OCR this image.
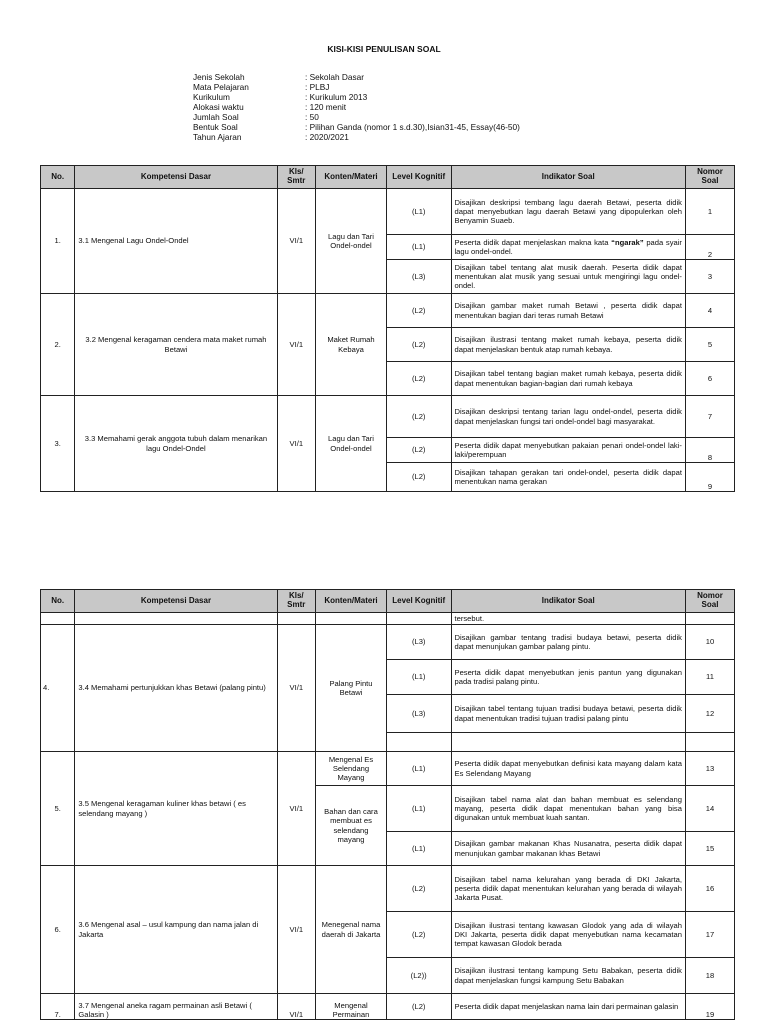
KISI-KISI PENULISAN SOAL
Jenis Sekolah	: Sekolah Dasar
Mata Pelajaran	: PLBJ
Kurikulum	: Kurikulum 2013
Alokasi waktu	: 120 menit
Jumlah Soal	: 50
Bentuk Soal	: Pilihan Ganda (nomor 1 s.d.30),Isian31-45, Essay(46-50)
Tahun Ajaran	: 2020/2021
No.	Kompetensi Dasar	Kls/ Smtr	Konten/Materi	Level Kognitif	Indikator Soal	Nomor Soal
1.	3.1 Mengenal Lagu Ondel-Ondel	VI/1	Lagu dan Tari Ondel-ondel	(L1)	Disajikan deskripsi tembang lagu daerah Betawi, peserta didik dapat menyebutkan lagu daerah Betawi yang dipopulerkan oleh Benyamin Suaeb.	1
				(L1)	Peserta didik dapat menjelaskan makna kata “ngarak” pada syair lagu ondel-ondel.	2
				(L3)	Disajikan tabel tentang alat musik daerah. Peserta didik dapat menentukan alat musik yang sesuai untuk mengiringi lagu ondel-ondel.	3
2.	3.2 Mengenal keragaman cendera mata maket rumah Betawi	VI/1	Maket Rumah Kebaya	(L2)	Disajikan gambar maket rumah Betawi , peserta didik dapat menentukan bagian dari teras rumah Betawi	4
				(L2)	Disajikan ilustrasi tentang maket rumah kebaya, peserta didik dapat menjelaskan bentuk atap rumah kebaya.	5
				(L2)	Disajikan tabel tentang bagian maket rumah kebaya, peserta didik dapat menentukan bagian-bagian dari rumah kebaya	6
3.	3.3 Memahami gerak anggota tubuh dalam menarikan lagu Ondel-Ondel	VI/1	Lagu dan Tari Ondel-ondel	(L2)	Disajikan deskripsi tentang tarian lagu ondel-ondel, peserta didik dapat menjelaskan fungsi tari ondel-ondel bagi masyarakat.	7
				(L2)	Peserta didik dapat menyebutkan pakaian penari ondel-ondel laki-laki/perempuan	8
				(L2)	Disajikan tahapan gerakan tari ondel-ondel, peserta didik dapat menentukan nama gerakan	9
No.	Kompetensi Dasar	Kls/ Smtr	Konten/Materi	Level Kognitif	Indikator Soal	Nomor Soal
					tersebut.	
4.	3.4 Memahami pertunjukkan khas Betawi (palang pintu)	VI/1	Palang Pintu Betawi	(L3)	Disajikan gambar tentang tradisi budaya betawi, peserta didik dapat menunjukan gambar palang pintu.	10
				(L1)	Peserta didik dapat menyebutkan jenis pantun yang digunakan pada tradisi palang pintu.	11
				(L3)	Disajikan tabel tentang tujuan tradisi budaya betawi, peserta didik dapat menentukan tradisi tujuan tradisi palang pintu	12

5.	3.5 Mengenal keragaman kuliner khas betawi ( es selendang mayang )	VI/1	Mengenal Es Selendang Mayang	(L1)	Peserta didik dapat menyebutkan definisi kata mayang dalam kata Es Selendang Mayang	13
			Bahan dan cara membuat es selendang mayang	(L1)	Disajikan tabel nama alat dan bahan membuat es selendang mayang, peserta didik dapat menentukan bahan yang bisa digunakan untuk membuat kuah santan.	14
				(L1)	Disajikan gambar makanan Khas Nusanatra, peserta didik dapat menunjukan gambar makanan khas Betawi	15
6.	3.6 Mengenal asal – usul kampung dan nama jalan di Jakarta	VI/1	Menegenal nama daerah di Jakarta	(L2)	Disajikan tabel nama kelurahan yang berada di DKI Jakarta, peserta didik dapat menentukan kelurahan yang berada di wilayah Jakarta Pusat.	16
				(L2)	Disajikan ilustrasi tentang kawasan Glodok yang ada di wilayah DKI Jakarta, peserta didik dapat menyebutkan nama kecamatan tempat kawasan Glodok berada	17
				(L2))	Disajikan ilustrasi tentang kampung Setu Babakan, peserta didik dapat menjelaskan fungsi kampung Setu Babakan	18
7.	3.7 Mengenal aneka ragam permainan asli Betawi ( Galasin )	VI/1	Mengenal Permainan	(L2)	Peserta didik dapat menjelaskan nama lain dari permainan galasin	19
